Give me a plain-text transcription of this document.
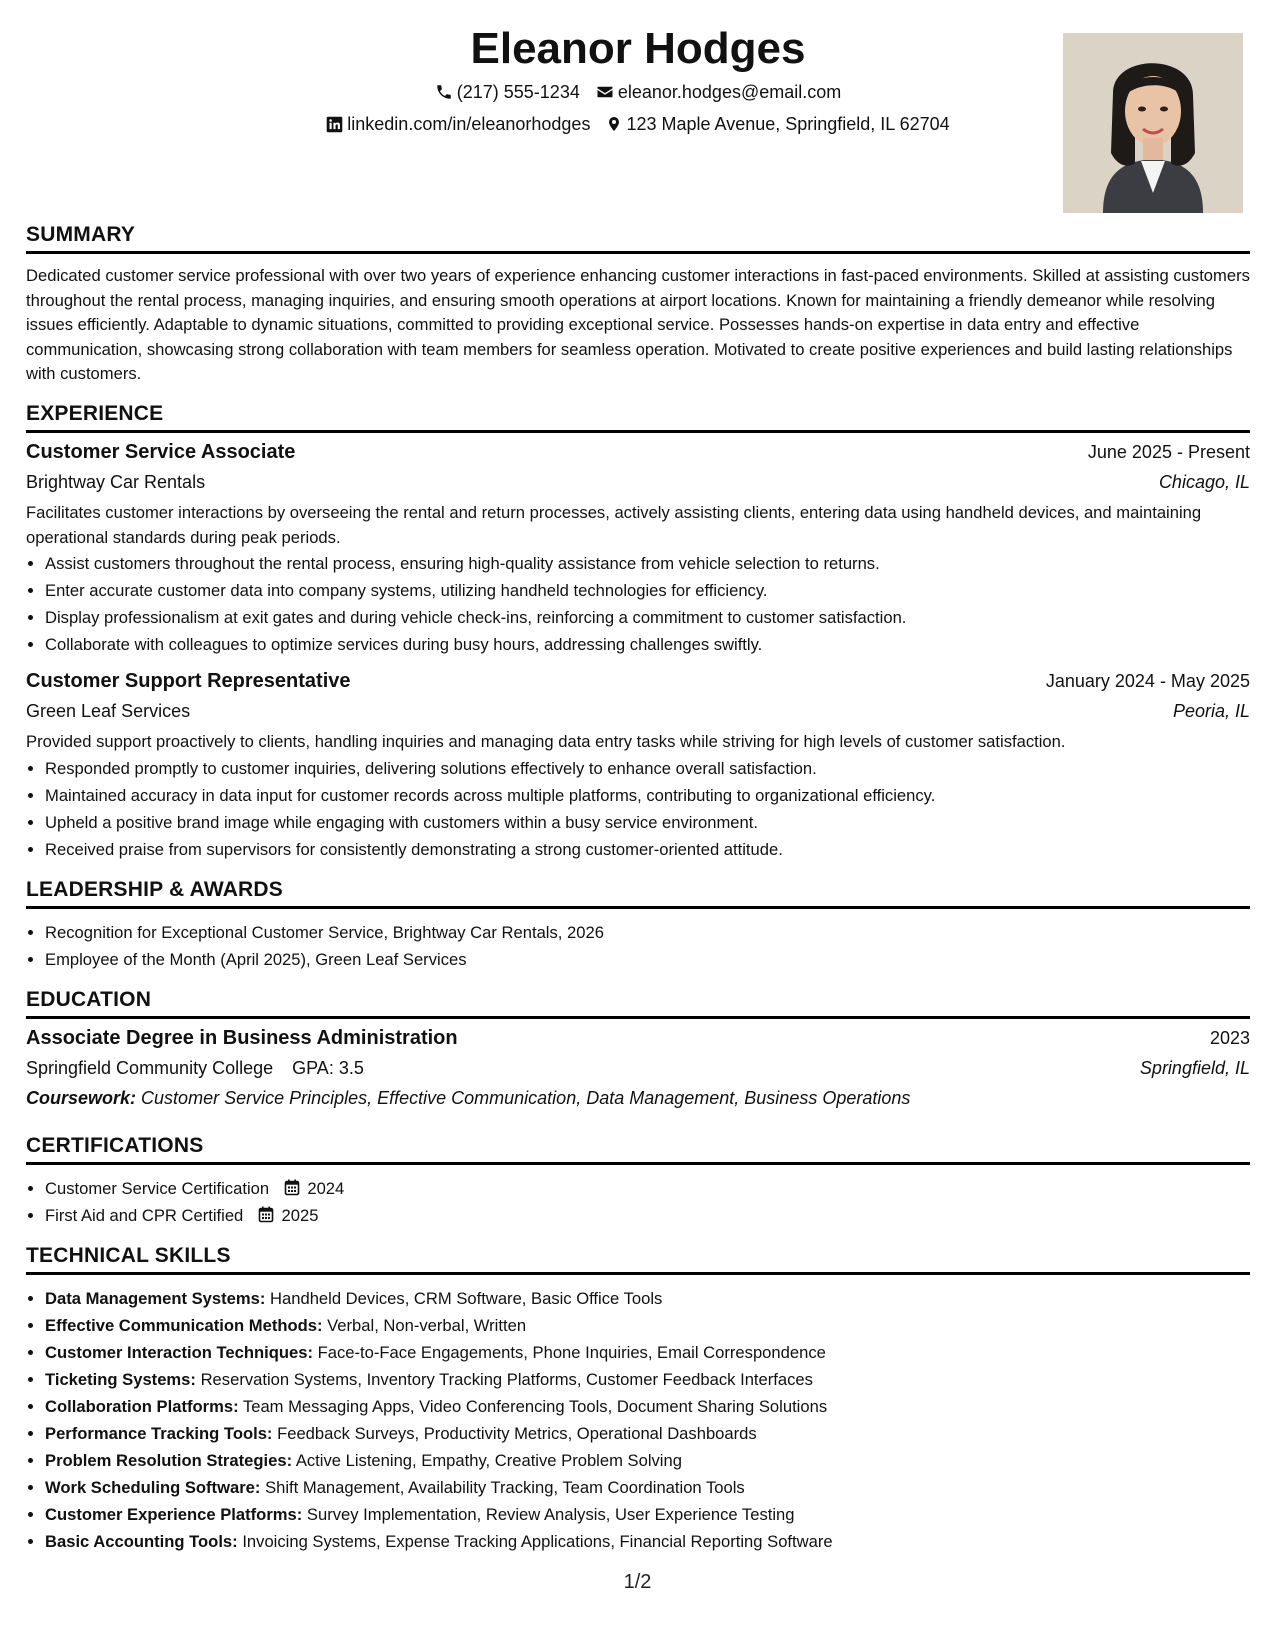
Eleanor Hodges
(217) 555-1234 eleanor.hodges@email.com
linkedin.com/in/eleanorhodges 123 Maple Avenue, Springfield, IL 62704
SUMMARY

Dedicated customer service professional with over two years of experience enhancing customer interactions in fast-paced environments. Skilled at assisting customers throughout the rental process, managing inquiries, and ensuring smooth operations at airport locations. Known for maintaining a friendly demeanor while resolving issues efficiently. Adaptable to dynamic situations, committed to providing exceptional service. Possesses hands-on expertise in data entry and effective communication, showcasing strong collaboration with team members for seamless operation. Motivated to create positive experiences and build lasting relationships with customers.

EXPERIENCE
Customer Service Associate	June 2025 - Present
Brightway Car Rentals	Chicago, IL

Facilitates customer interactions by overseeing the rental and return processes, actively assisting clients, entering data using handheld devices, and maintaining operational standards during peak periods.

• Assist customers throughout the rental process, ensuring high-quality assistance from vehicle selection to returns.
• Enter accurate customer data into company systems, utilizing handheld technologies for efficiency.
• Display professionalism at exit gates and during vehicle check-ins, reinforcing a commitment to customer satisfaction.
• Collaborate with colleagues to optimize services during busy hours, addressing challenges swiftly.
Customer Support Representative	January 2024 - May 2025
Green Leaf Services	Peoria, IL

Provided support proactively to clients, handling inquiries and managing data entry tasks while striving for high levels of customer satisfaction.

• Responded promptly to customer inquiries, delivering solutions effectively to enhance overall satisfaction.
• Maintained accuracy in data input for customer records across multiple platforms, contributing to organizational efficiency.
• Upheld a positive brand image while engaging with customers within a busy service environment.
• Received praise from supervisors for consistently demonstrating a strong customer-oriented attitude.
LEADERSHIP & AWARDS
• Recognition for Exceptional Customer Service, Brightway Car Rentals, 2026
• Employee of the Month (April 2025), Green Leaf Services
EDUCATION
Associate Degree in Business Administration	2023
Springfield Community College GPA: 3.5	Springfield, IL
Coursework: Customer Service Principles, Effective Communication, Data Management, Business Operations
CERTIFICATIONS
• Customer Service Certification 2024
• First Aid and CPR Certified 2025
TECHNICAL SKILLS
• Data Management Systems: Handheld Devices, CRM Software, Basic Office Tools
• Effective Communication Methods: Verbal, Non-verbal, Written
• Customer Interaction Techniques: Face-to-Face Engagements, Phone Inquiries, Email Correspondence
• Ticketing Systems: Reservation Systems, Inventory Tracking Platforms, Customer Feedback Interfaces
• Collaboration Platforms: Team Messaging Apps, Video Conferencing Tools, Document Sharing Solutions
• Performance Tracking Tools: Feedback Surveys, Productivity Metrics, Operational Dashboards
• Problem Resolution Strategies: Active Listening, Empathy, Creative Problem Solving
• Work Scheduling Software: Shift Management, Availability Tracking, Team Coordination Tools
• Customer Experience Platforms: Survey Implementation, Review Analysis, User Experience Testing
• Basic Accounting Tools: Invoicing Systems, Expense Tracking Applications, Financial Reporting Software
1/2
